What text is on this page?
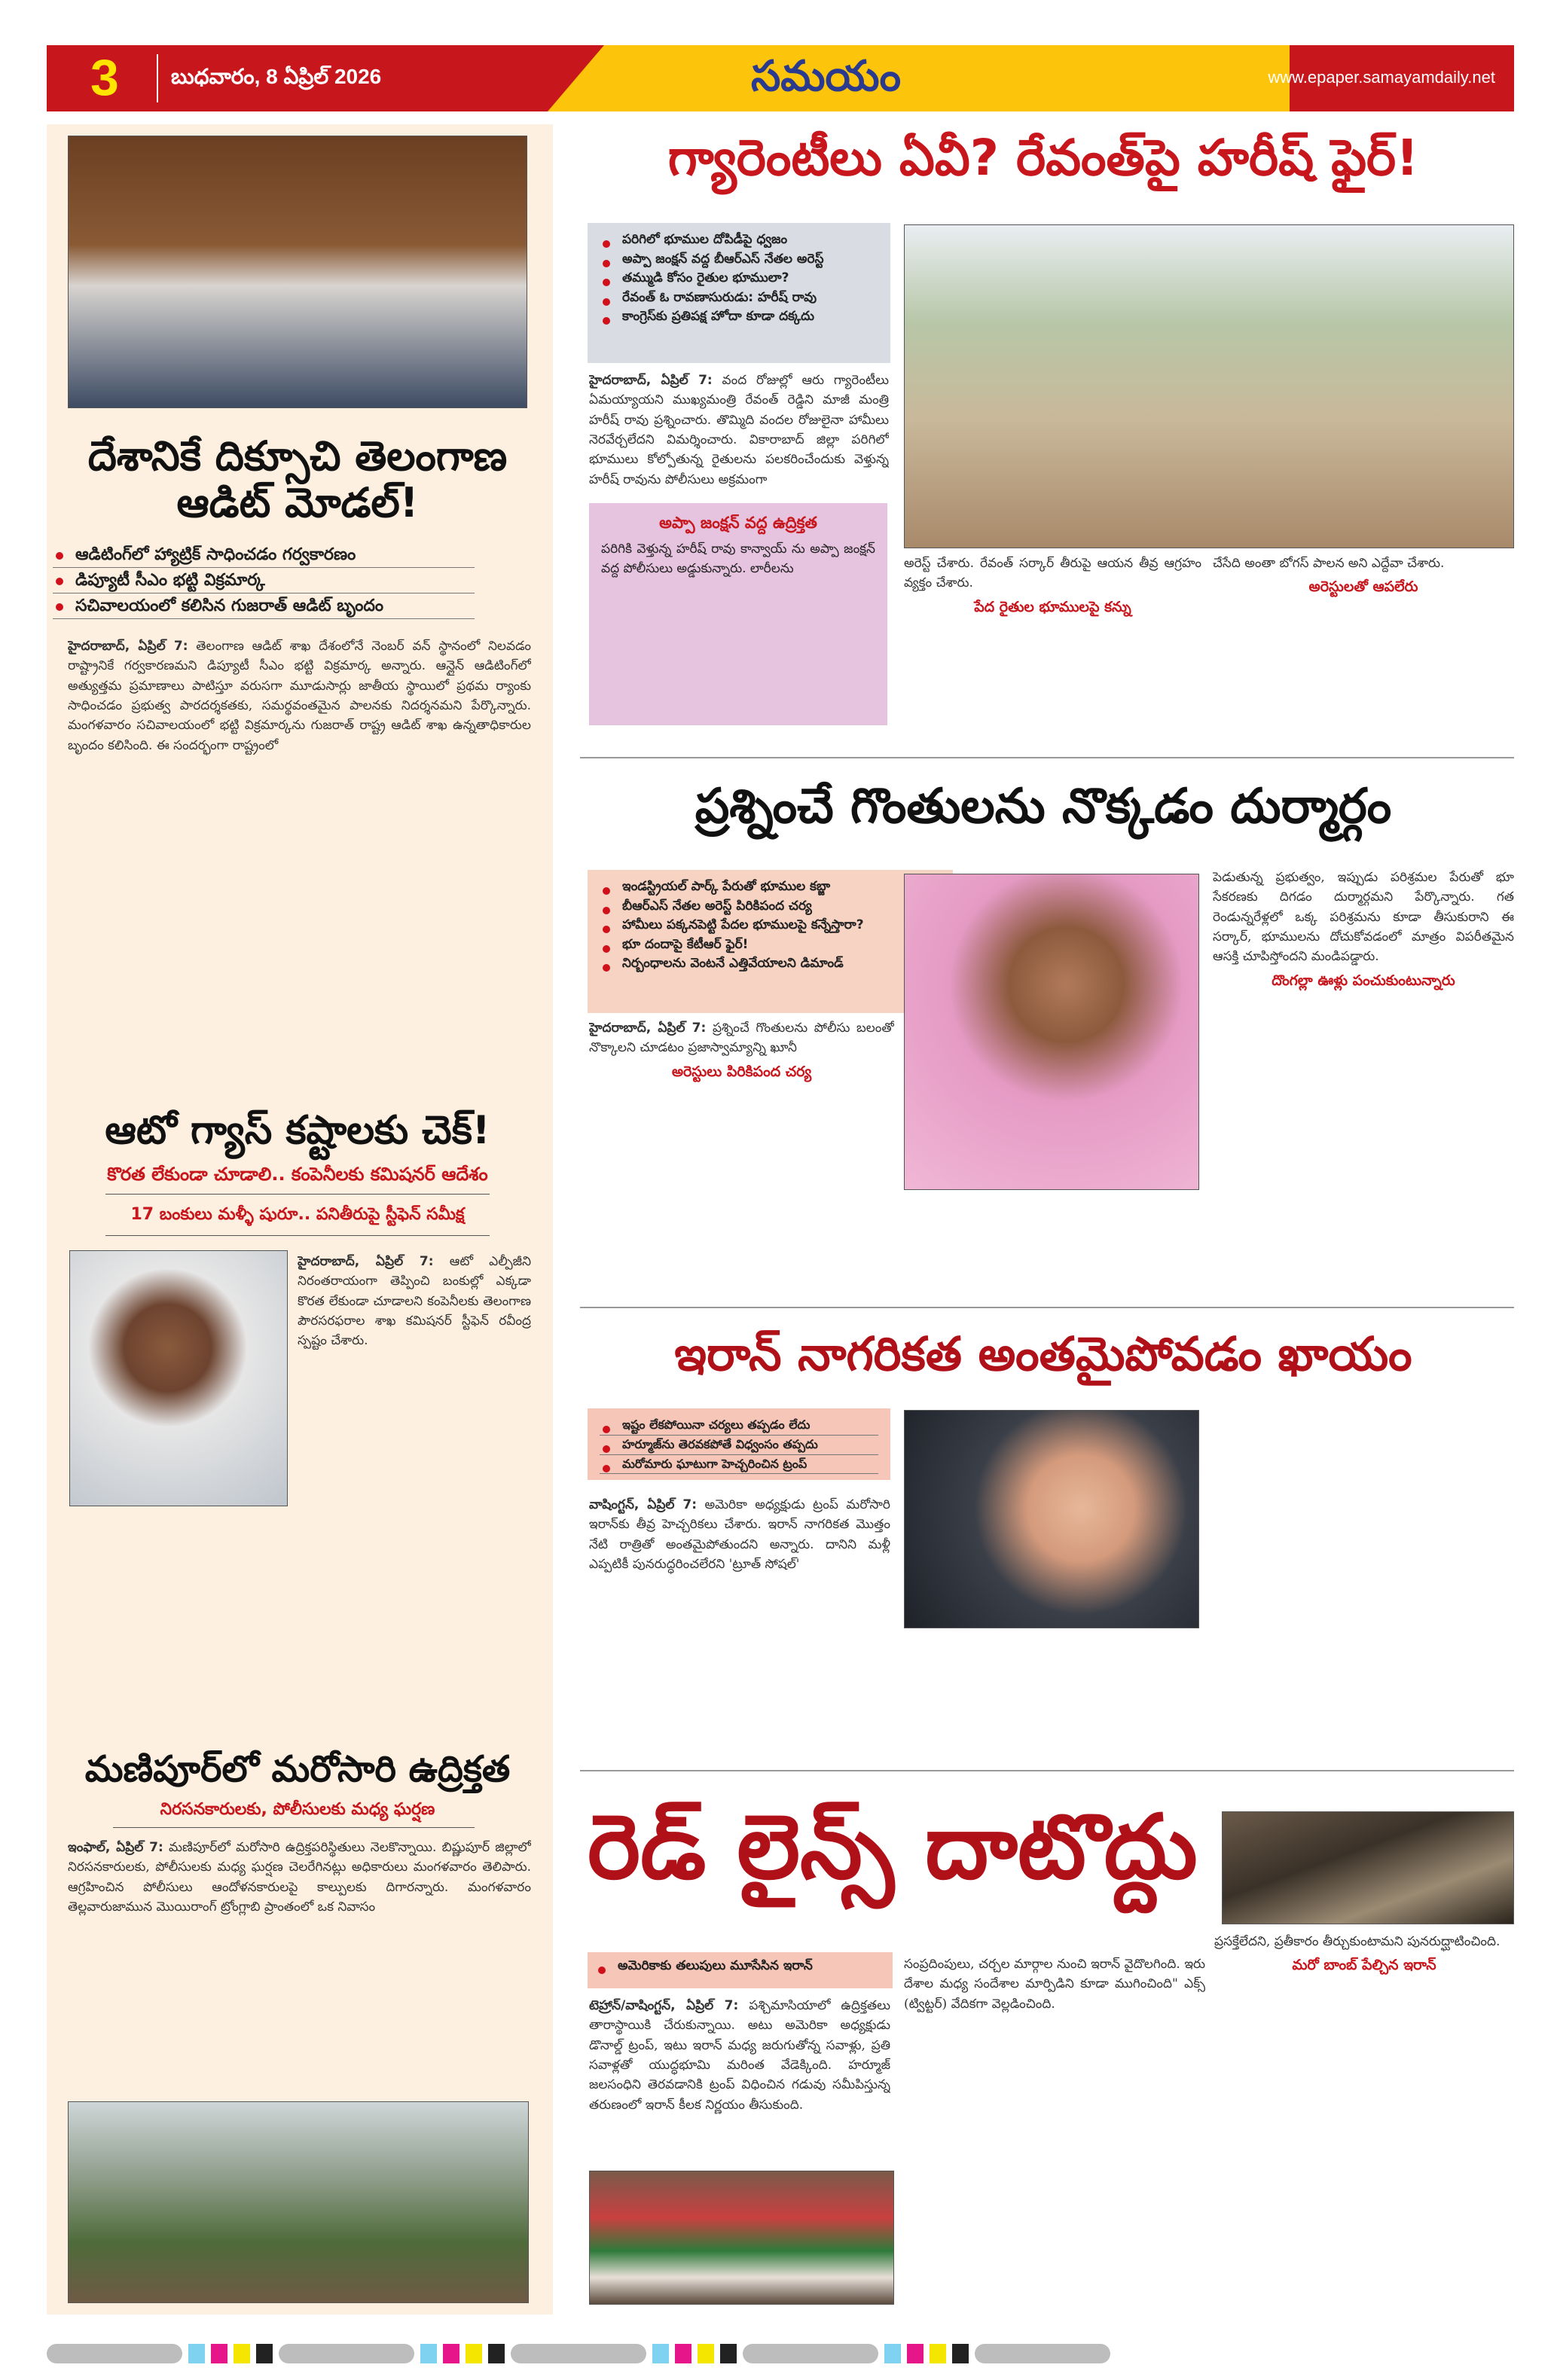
3 బుధవారం, 8 ఏప్రిల్ 2026	సమయం	www.epaper.samayamdaily.net
దేశానికే దిక్సూచి తెలంగాణ ఆడిట్ మోడల్!
ఆడిటింగ్‌లో హ్యాట్రిక్ సాధించడం గర్వకారణం
డిప్యూటీ సీఎం భట్టి విక్రమార్క
సచివాలయంలో కలిసిన గుజరాత్ ఆడిట్ బృందం
హైదరాబాద్, ఏప్రిల్ 7: తెలంగాణ ఆడిట్ శాఖ దేశంలోనే నెంబర్ వన్ స్థానంలో నిలవడం రాష్ట్రానికే గర్వకారణమని డిప్యూటీ సీఎం భట్టి విక్రమార్క అన్నారు. ఆన్లైన్ ఆడిటింగ్‌లో అత్యుత్తమ ప్రమాణాలు పాటిస్తూ వరుసగా మూడుసార్లు జాతీయ స్థాయిలో ప్రథమ ర్యాంకు సాధించడం ప్రభుత్వ పారదర్శకతకు, సమర్థవంతమైన పాలనకు నిదర్శనమని పేర్కొన్నారు. మంగళవారం సచివాలయంలో భట్టి విక్రమార్కను గుజరాత్ రాష్ట్ర ఆడిట్ శాఖ ఉన్నతాధికారుల బృందం కలిసింది. ఈ సందర్భంగా రాష్ట్రంలో
ఆటో గ్యాస్ కష్టాలకు చెక్!
కొరత లేకుండా చూడాలి.. కంపెనీలకు కమిషనర్ ఆదేశం
17 బంకులు మళ్ళీ షురూ.. పనితీరుపై స్టీఫెన్ సమీక్ష
హైదరాబాద్, ఏప్రిల్ 7: ఆటో ఎల్పీజీని నిరంతరాయంగా తెప్పించి బంకుల్లో ఎక్కడా కొరత లేకుండా చూడాలని కంపెనీలకు తెలంగాణ పౌరసరఫరాల శాఖ కమిషనర్ స్టీఫెన్ రవీంద్ర స్పష్టం చేశారు.
మణిపూర్‌లో మరోసారి ఉద్రిక్తత
నిరసనకారులకు, పోలీసులకు మధ్య ఘర్షణ
ఇంఫాల్, ఏప్రిల్ 7: మణిపూర్‌లో మరోసారి ఉద్రిక్తపరిస్థితులు నెలకొన్నాయి. బిష్ణుపూర్ జిల్లాలో నిరసనకారులకు, పోలీసులకు మధ్య ఘర్షణ చెలరేగినట్లు అధికారులు మంగళవారం తెలిపారు. ఆగ్రహించిన పోలీసులు ఆందోళనకారులపై కాల్పులకు దిగారన్నారు. మంగళవారం తెల్లవారుజామున మొయిరాంగ్ ట్రోంగ్లాబి ప్రాంతంలో ఒక నివాసం
గ్యారెంటీలు ఏవీ? రేవంత్‌పై హరీష్ ఫైర్!
పరిగిలో భూముల దోపిడీపై ధ్వజం
అప్పా జంక్షన్ వద్ద బీఆర్ఎస్ నేతల అరెస్ట్
తమ్ముడి కోసం రైతుల భూములా?
రేవంత్ ఓ రావణాసురుడు: హరీష్ రావు
కాంగ్రెస్‌కు ప్రతిపక్ష హోదా కూడా దక్కదు
హైదరాబాద్, ఏప్రిల్ 7: వంద రోజుల్లో ఆరు గ్యారెంటీలు ఏమయ్యాయని ముఖ్యమంత్రి రేవంత్ రెడ్డిని మాజీ మంత్రి హరీష్ రావు ప్రశ్నించారు. తొమ్మిది వందల రోజులైనా హామీలు నెరవేర్చలేదని విమర్శించారు. వికారాబాద్ జిల్లా పరిగిలో భూములు కోల్పోతున్న రైతులను పలకరించేందుకు వెళ్తున్న హరీష్ రావును పోలీసులు అక్రమంగా
అప్పా జంక్షన్ వద్ద ఉద్రిక్తత
పరిగికి వెళ్తున్న హరీష్ రావు కాన్వాయ్ ను అప్పా జంక్షన్ వద్ద పోలీసులు అడ్డుకున్నారు. లారీలను	అరెస్ట్ చేశారు. రేవంత్ సర్కార్ తీరుపై ఆయన తీవ్ర ఆగ్రహం వ్యక్తం చేశారు.
పేద రైతుల భూములపై కన్ను
చేసేది అంతా బోగస్ పాలన అని ఎద్దేవా చేశారు.
అరెస్టులతో ఆపలేరు
ప్రశ్నించే గొంతులను నొక్కడం దుర్మార్గం
ఇండస్ట్రియల్ పార్క్ పేరుతో భూముల కబ్జా
బీఆర్ఎస్ నేతల అరెస్ట్ పిరికిపంద చర్య
హామీలు పక్కనపెట్టి పేదల భూములపై కన్నేస్తారా?
భూ దందాపై కేటీఆర్ ఫైర్!
నిర్బంధాలను వెంటనే ఎత్తివేయాలని డిమాండ్
హైదరాబాద్, ఏప్రిల్ 7: ప్రశ్నించే గొంతులను పోలీసు బలంతో నొక్కాలని చూడటం ప్రజాస్వామ్యాన్ని ఖూనీ
అరెస్టులు పిరికిపంద చర్య
పెడుతున్న ప్రభుత్వం, ఇప్పుడు పరిశ్రమల పేరుతో భూ సేకరణకు దిగడం దుర్మార్గమని పేర్కొన్నారు. గత రెండున్నరేళ్లలో ఒక్క పరిశ్రమను కూడా తీసుకురాని ఈ సర్కార్, భూములను దోచుకోవడంలో మాత్రం విపరీతమైన ఆసక్తి చూపిస్తోందని మండిపడ్డారు.
దొంగల్లా ఊళ్లు పంచుకుంటున్నారు
ఇరాన్ నాగరికత అంతమైపోవడం ఖాయం
ఇష్టం లేకపోయినా చర్యలు తప్పడం లేదు
హర్మూజ్‌ను తెరవకపోతే విధ్వంసం తప్పదు
మరోమారు ఘాటుగా హెచ్చరించిన ట్రంప్
వాషింగ్టన్, ఏప్రిల్ 7: అమెరికా అధ్యక్షుడు ట్రంప్ మరోసారి ఇరాన్‌కు తీవ్ర హెచ్చరికలు చేశారు. ఇరాన్ నాగరికత మొత్తం నేటి రాత్రితో అంతమైపోతుందని అన్నారు. దానిని మళ్లీ ఎప్పటికీ పునరుద్ధరించలేరని 'ట్రూత్ సోషల్'
రెడ్ లైన్స్ దాటొద్దు
అమెరికాకు తలుపులు మూసేసిన ఇరాన్
టెహ్రాన్/వాషింగ్టన్, ఏప్రిల్ 7: పశ్చిమాసియాలో ఉద్రిక్తతలు తారాస్థాయికి చేరుకున్నాయి. అటు అమెరికా అధ్యక్షుడు డొనాల్డ్ ట్రంప్, ఇటు ఇరాన్ మధ్య జరుగుతోన్న సవాళ్లు, ప్రతి సవాళ్లతో యుద్ధభూమి మరింత వేడెక్కింది. హర్మూజ్ జలసంధిని తెరవడానికి ట్రంప్ విధించిన గడువు సమీపిస్తున్న తరుణంలో ఇరాన్ కీలక నిర్ణయం తీసుకుంది.
సంప్రదింపులు, చర్చల మార్గాల నుంచి ఇరాన్ వైదొలగింది. ఇరు దేశాల మధ్య సందేశాల మార్పిడిని కూడా ముగించింది" ఎక్స్ (ట్విట్టర్) వేదికగా వెల్లడించింది.
ప్రసక్తేలేదని, ప్రతీకారం తీర్చుకుంటామని పునరుద్ఘాటించింది.
మరో బాంబ్ పేల్చిన ఇరాన్
